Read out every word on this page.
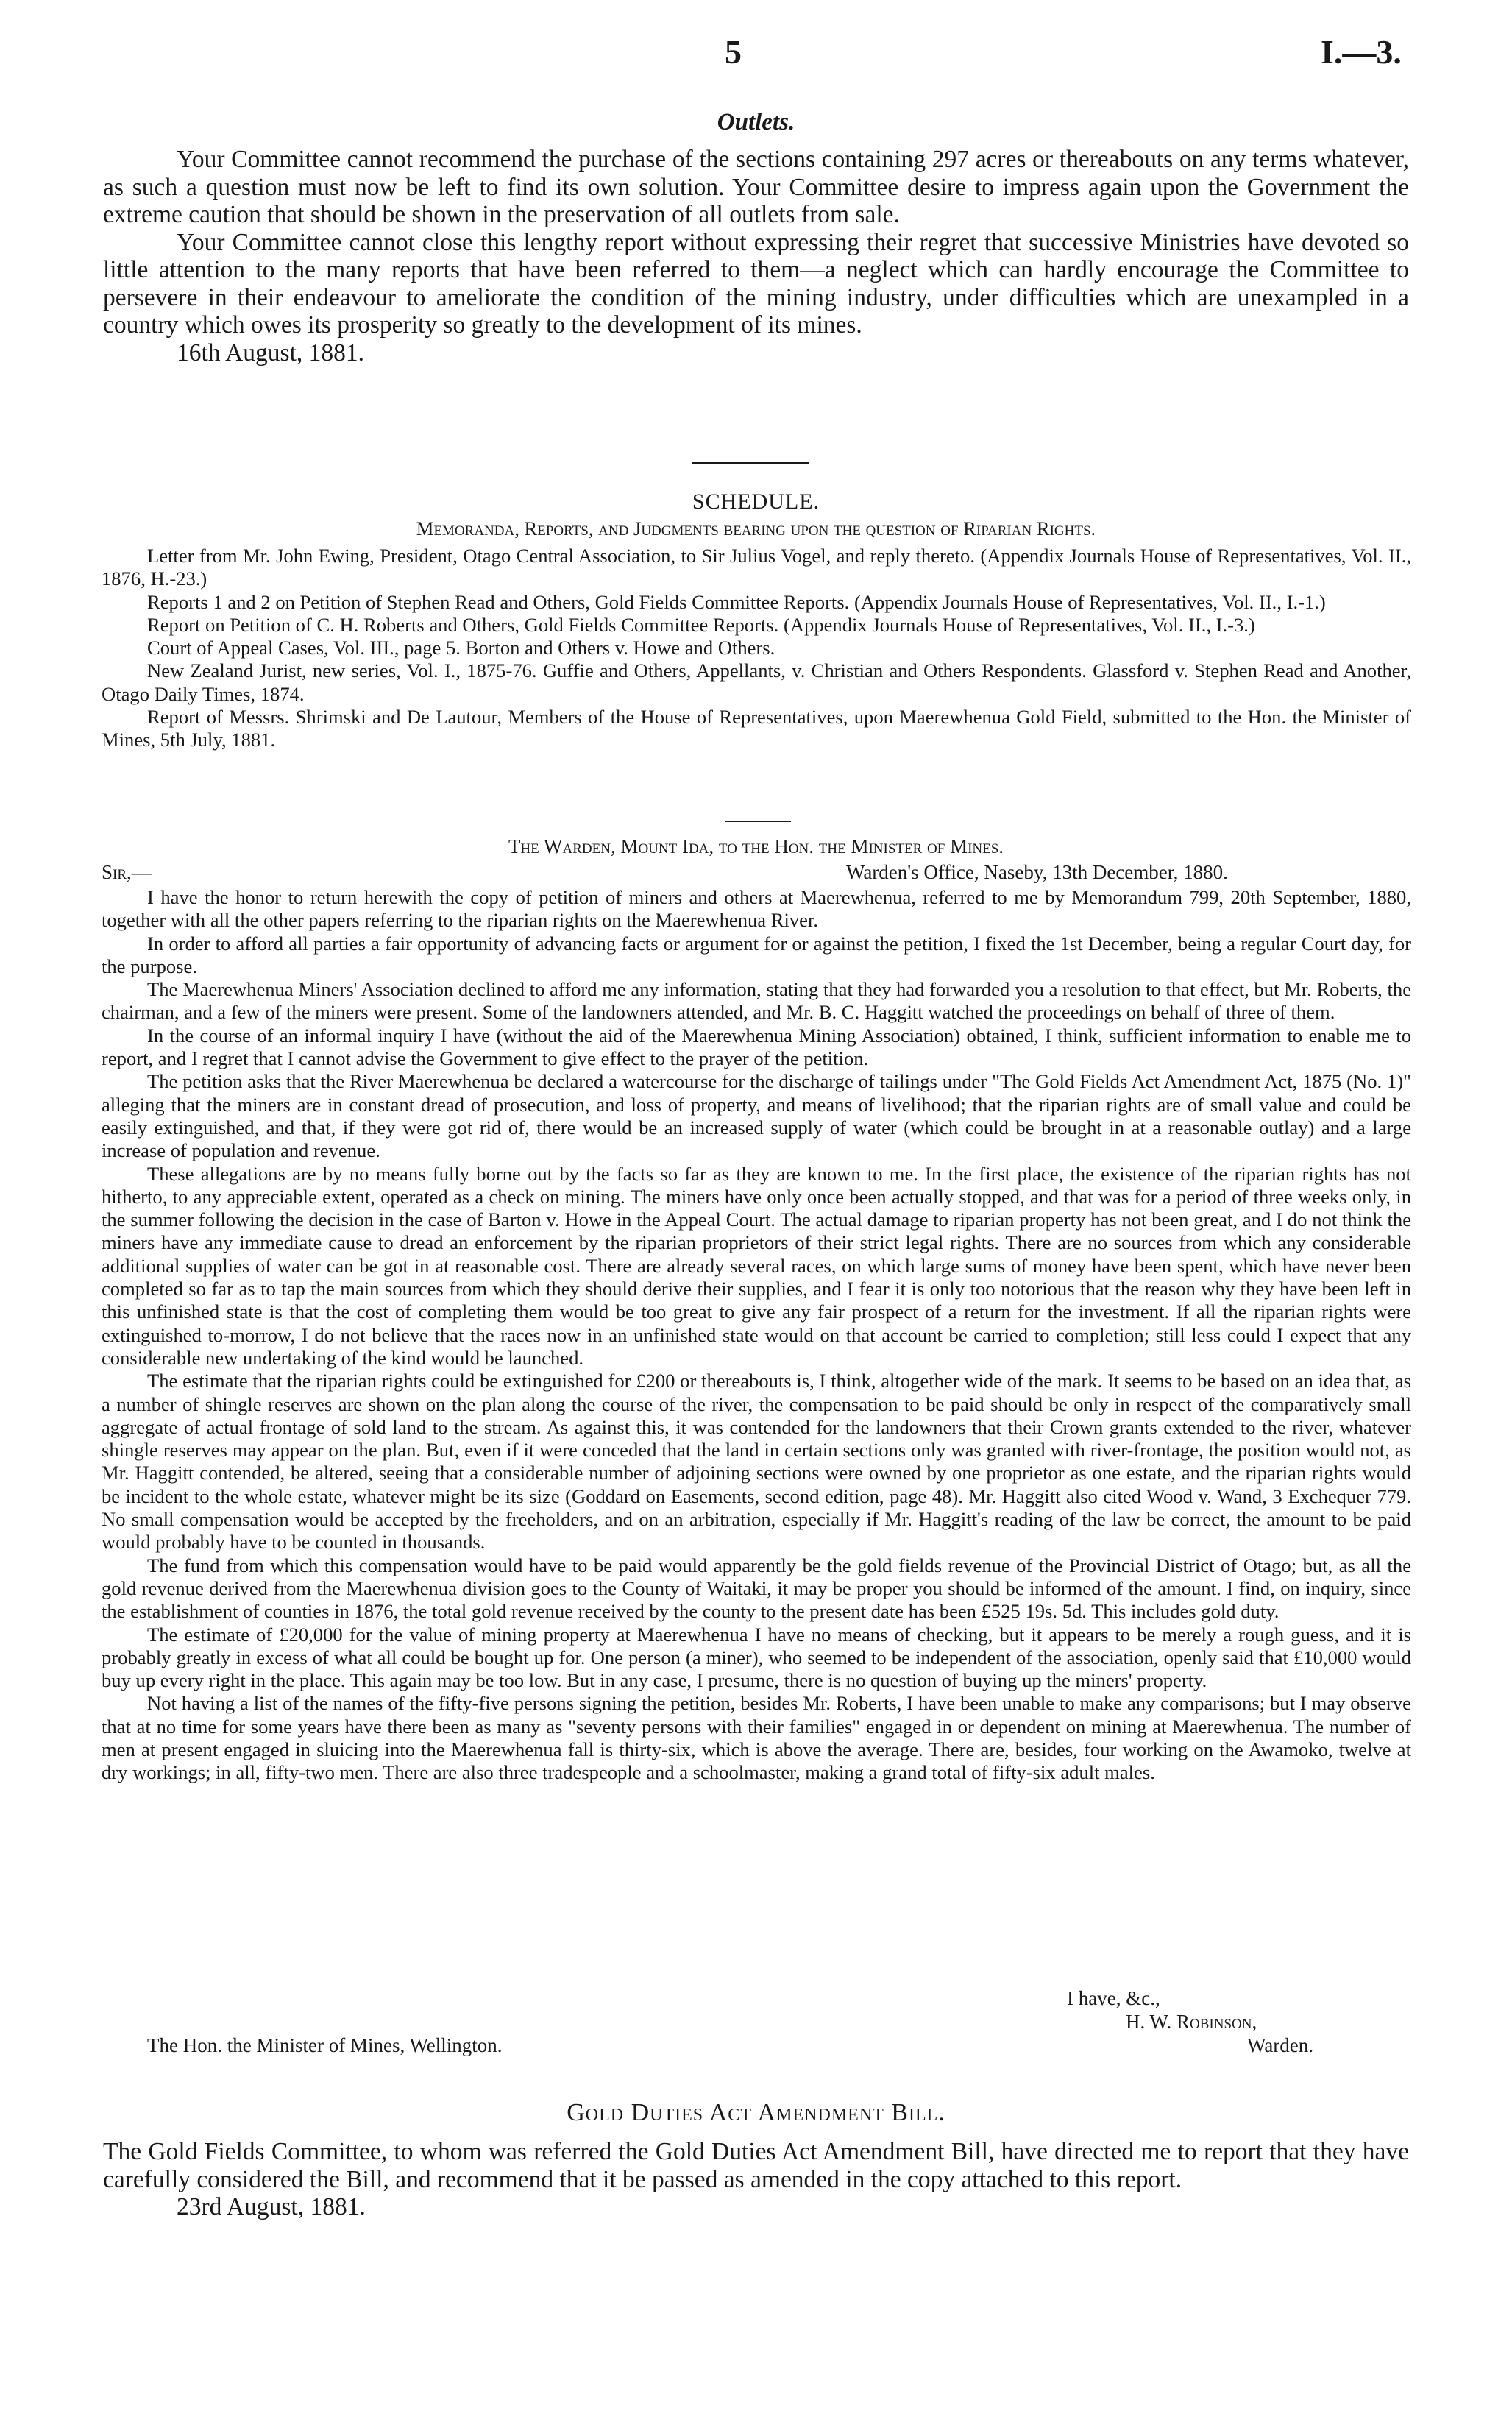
5	I.—3.
Outlets.

Your Committee cannot recommend the purchase of the sections containing 297 acres or thereabouts on any terms whatever, as such a question must now be left to find its own solution. Your Committee desire to impress again upon the Government the extreme caution that should be shown in the preservation of all outlets from sale.

Your Committee cannot close this lengthy report without expressing their regret that successive Ministries have devoted so little attention to the many reports that have been referred to them—a neglect which can hardly encourage the Committee to persevere in their endeavour to ameliorate the condition of the mining industry, under difficulties which are unexampled in a country which owes its prosperity so greatly to the development of its mines.

16th August, 1881.

SCHEDULE.
Memoranda, Reports, and Judgments bearing upon the question of Riparian Rights.

Letter from Mr. John Ewing, President, Otago Central Association, to Sir Julius Vogel, and reply thereto. (Appendix Journals House of Representatives, Vol. II., 1876, H.-23.)

Reports 1 and 2 on Petition of Stephen Read and Others, Gold Fields Committee Reports. (Appendix Journals House of Representatives, Vol. II., I.-1.)

Report on Petition of C. H. Roberts and Others, Gold Fields Committee Reports. (Appendix Journals House of Representatives, Vol. II., I.-3.)

Court of Appeal Cases, Vol. III., page 5. Borton and Others v. Howe and Others.

New Zealand Jurist, new series, Vol. I., 1875-76. Guffie and Others, Appellants, v. Christian and Others Respondents. Glassford v. Stephen Read and Another, Otago Daily Times, 1874.

Report of Messrs. Shrimski and De Lautour, Members of the House of Representatives, upon Maerewhenua Gold Field, submitted to the Hon. the Minister of Mines, 5th July, 1881.

The Warden, Mount Ida, to the Hon. the Minister of Mines.
Sir,—	Warden's Office, Naseby, 13th December, 1880.

I have the honor to return herewith the copy of petition of miners and others at Maerewhenua, referred to me by Memorandum 799, 20th September, 1880, together with all the other papers referring to the riparian rights on the Maerewhenua River.

In order to afford all parties a fair opportunity of advancing facts or argument for or against the petition, I fixed the 1st December, being a regular Court day, for the purpose.

The Maerewhenua Miners' Association declined to afford me any information, stating that they had forwarded you a resolution to that effect, but Mr. Roberts, the chairman, and a few of the miners were present. Some of the landowners attended, and Mr. B. C. Haggitt watched the proceedings on behalf of three of them.

In the course of an informal inquiry I have (without the aid of the Maerewhenua Mining Association) obtained, I think, sufficient information to enable me to report, and I regret that I cannot advise the Government to give effect to the prayer of the petition.

The petition asks that the River Maerewhenua be declared a watercourse for the discharge of tailings under "The Gold Fields Act Amendment Act, 1875 (No. 1)" alleging that the miners are in constant dread of prosecution, and loss of property, and means of livelihood; that the riparian rights are of small value and could be easily extinguished, and that, if they were got rid of, there would be an increased supply of water (which could be brought in at a reasonable outlay) and a large increase of population and revenue.

These allegations are by no means fully borne out by the facts so far as they are known to me. In the first place, the existence of the riparian rights has not hitherto, to any appreciable extent, operated as a check on mining. The miners have only once been actually stopped, and that was for a period of three weeks only, in the summer following the decision in the case of Barton v. Howe in the Appeal Court. The actual damage to riparian property has not been great, and I do not think the miners have any immediate cause to dread an enforcement by the riparian proprietors of their strict legal rights. There are no sources from which any considerable additional supplies of water can be got in at reasonable cost. There are already several races, on which large sums of money have been spent, which have never been completed so far as to tap the main sources from which they should derive their supplies, and I fear it is only too notorious that the reason why they have been left in this unfinished state is that the cost of completing them would be too great to give any fair prospect of a return for the investment. If all the riparian rights were extinguished to-morrow, I do not believe that the races now in an unfinished state would on that account be carried to completion; still less could I expect that any considerable new undertaking of the kind would be launched.

The estimate that the riparian rights could be extinguished for £200 or thereabouts is, I think, altogether wide of the mark. It seems to be based on an idea that, as a number of shingle reserves are shown on the plan along the course of the river, the compensation to be paid should be only in respect of the comparatively small aggregate of actual frontage of sold land to the stream. As against this, it was contended for the landowners that their Crown grants extended to the river, whatever shingle reserves may appear on the plan. But, even if it were conceded that the land in certain sections only was granted with river-frontage, the position would not, as Mr. Haggitt contended, be altered, seeing that a considerable number of adjoining sections were owned by one proprietor as one estate, and the riparian rights would be incident to the whole estate, whatever might be its size (Goddard on Easements, second edition, page 48). Mr. Haggitt also cited Wood v. Wand, 3 Exchequer 779. No small compensation would be accepted by the freeholders, and on an arbitration, especially if Mr. Haggitt's reading of the law be correct, the amount to be paid would probably have to be counted in thousands.

The fund from which this compensation would have to be paid would apparently be the gold fields revenue of the Provincial District of Otago; but, as all the gold revenue derived from the Maerewhenua division goes to the County of Waitaki, it may be proper you should be informed of the amount. I find, on inquiry, since the establishment of counties in 1876, the total gold revenue received by the county to the present date has been £525 19s. 5d. This includes gold duty.

The estimate of £20,000 for the value of mining property at Maerewhenua I have no means of checking, but it appears to be merely a rough guess, and it is probably greatly in excess of what all could be bought up for. One person (a miner), who seemed to be independent of the association, openly said that £10,000 would buy up every right in the place. This again may be too low. But in any case, I presume, there is no question of buying up the miners' property.

Not having a list of the names of the fifty-five persons signing the petition, besides Mr. Roberts, I have been unable to make any comparisons; but I may observe that at no time for some years have there been as many as "seventy persons with their families" engaged in or dependent on mining at Maerewhenua. The number of men at present engaged in sluicing into the Maerewhenua fall is thirty-six, which is above the average. There are, besides, four working on the Awamoko, twelve at dry workings; in all, fifty-two men. There are also three tradespeople and a schoolmaster, making a grand total of fifty-six adult males.

I have, &c.,
H. W. Robinson,
The Hon. the Minister of Mines, Wellington.	Warden.
Gold Duties Act Amendment Bill.

The Gold Fields Committee, to whom was referred the Gold Duties Act Amendment Bill, have directed me to report that they have carefully considered the Bill, and recommend that it be passed as amended in the copy attached to this report.

23rd August, 1881.
